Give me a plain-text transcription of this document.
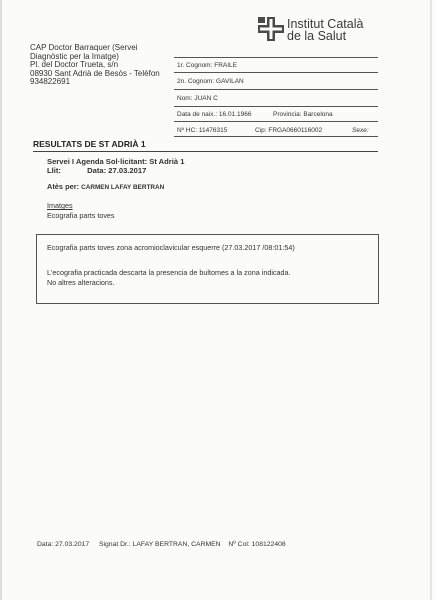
Institut Català
de la Salut
CAP Doctor Barraquer (Servei
Diagnòstic per la Imatge)
Pl. del Doctor Trueta, s/n
08930 Sant Adrià de Besòs - Telèfon
934822691
1r. Cognom: FRAILE
2n. Cognom: GAVILAN
Nom: JUAN C
Data de naix.: 16.01.1966	Provincia: Barcelona
Nº HC: 11476315	Cip: FRGA0660116002	Sexe:
RESULTATS DE ST ADRIÀ 1
Servei I Agenda Sol·licitant: St Adrià 1
Llit:	Data: 27.03.2017
Atès per: CARMEN LAFAY BERTRAN
Imatges
Ecografia parts toves
Ecografia parts toves zona acromioclavicular esquerre (27.03.2017 /08:01:54)
L'ecografia practicada descarta la presencia de bultomes a la zona indicada.
No altres alteracions.
Data: 27.03.2017 Signat Dr.: LAFAY BERTRAN, CARMEN Nº Col: 108122408
